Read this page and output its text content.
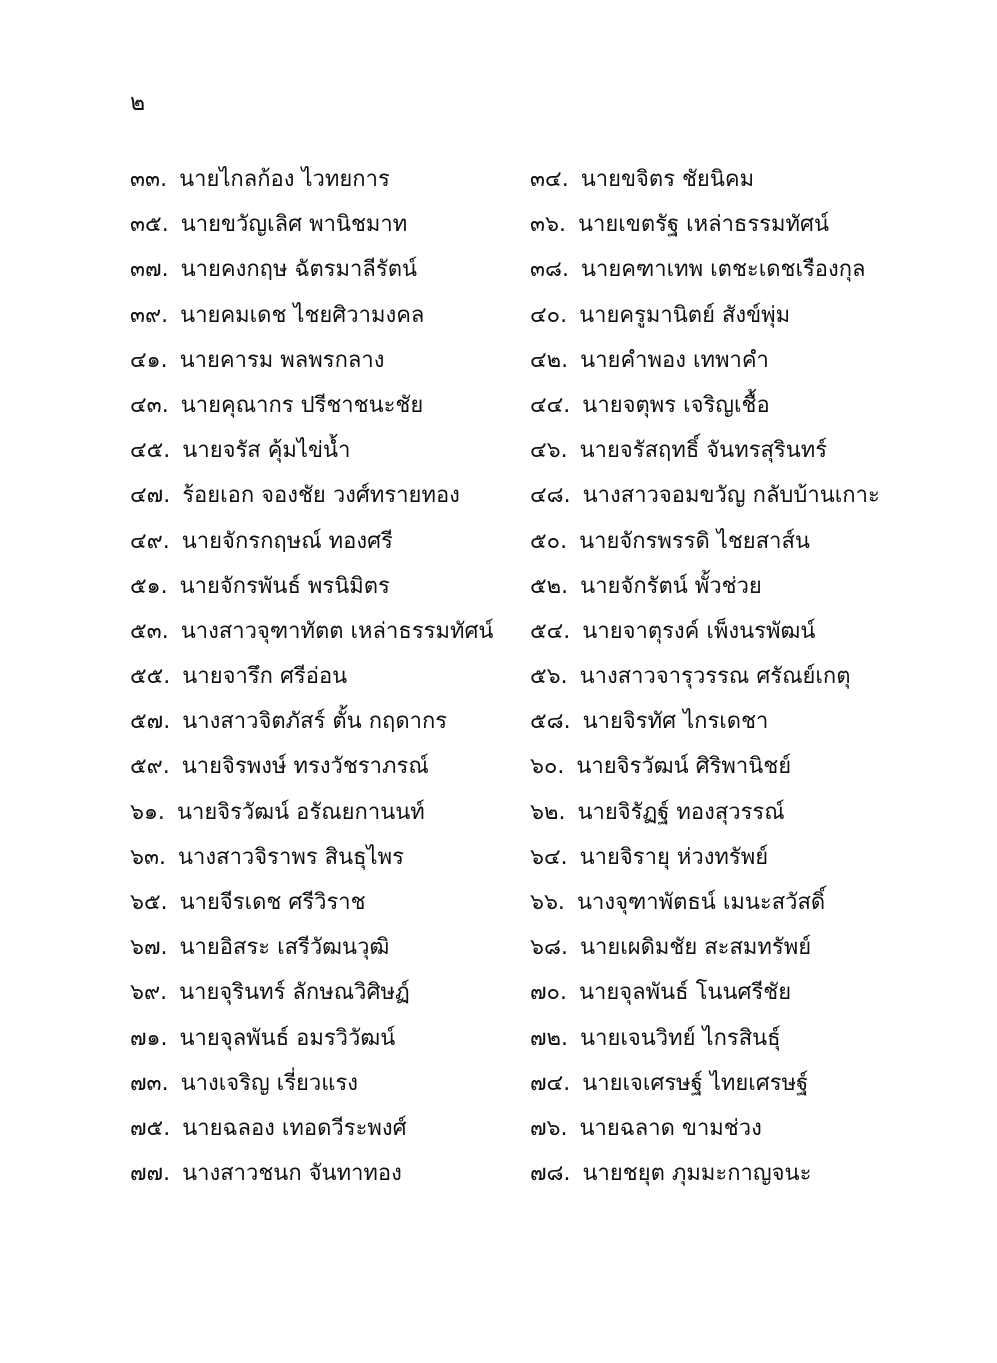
๒
๓๓. นายไกลก้อง ไวทยการ	๓๔. นายขจิตร ชัยนิคม
๓๕. นายขวัญเลิศ พานิชมาท	๓๖. นายเขตรัฐ เหล่าธรรมทัศน์
๓๗. นายคงกฤษ ฉัตรมาลีรัตน์	๓๘. นายคฑาเทพ เตชะเดชเรืองกุล
๓๙. นายคมเดช ไชยศิวามงคล	๔๐. นายครูมานิตย์ สังข์พุ่ม
๔๑. นายคารม พลพรกลาง	๔๒. นายคำพอง เทพาคำ
๔๓. นายคุณากร ปรีชาชนะชัย	๔๔. นายจตุพร เจริญเชื้อ
๔๕. นายจรัส คุ้มไข่น้ำ	๔๖. นายจรัสฤทธิ์ จันทรสุรินทร์
๔๗. ร้อยเอก จองชัย วงศ์ทรายทอง	๔๘. นางสาวจอมขวัญ กลับบ้านเกาะ
๔๙. นายจักรกฤษณ์ ทองศรี	๕๐. นายจักรพรรดิ ไชยสาส์น
๕๑. นายจักรพันธ์ พรนิมิตร	๕๒. นายจักรัตน์ พั้วช่วย
๕๓. นางสาวจุฑาทัตต เหล่าธรรมทัศน์	๕๔. นายจาตุรงค์ เพ็งนรพัฒน์
๕๕. นายจารึก ศรีอ่อน	๕๖. นางสาวจารุวรรณ ศรัณย์เกตุ
๕๗. นางสาวจิตภัสร์ ตั้น กฤดากร	๕๘. นายจิรทัศ ไกรเดชา
๕๙. นายจิรพงษ์ ทรงวัชราภรณ์	๖๐. นายจิรวัฒน์ ศิริพานิชย์
๖๑. นายจิรวัฒน์ อรัณยกานนท์	๖๒. นายจิรัฏฐ์ ทองสุวรรณ์
๖๓. นางสาวจิราพร สินธุไพร	๖๔. นายจิรายุ ห่วงทรัพย์
๖๕. นายจีรเดช ศรีวิราช	๖๖. นางจุฑาพัตธน์ เมนะสวัสดิ์
๖๗. นายอิสระ เสรีวัฒนวุฒิ	๖๘. นายเผดิมชัย สะสมทรัพย์
๖๙. นายจุรินทร์ ลักษณวิศิษฏ์	๗๐. นายจุลพันธ์ โนนศรีชัย
๗๑. นายจุลพันธ์ อมรวิวัฒน์	๗๒. นายเจนวิทย์ ไกรสินธุ์
๗๓. นางเจริญ เรี่ยวแรง	๗๔. นายเจเศรษฐ์ ไทยเศรษฐ์
๗๕. นายฉลอง เทอดวีระพงศ์	๗๖. นายฉลาด ขามช่วง
๗๗. นางสาวชนก จันทาทอง	๗๘. นายชยุต ภุมมะกาญจนะ
